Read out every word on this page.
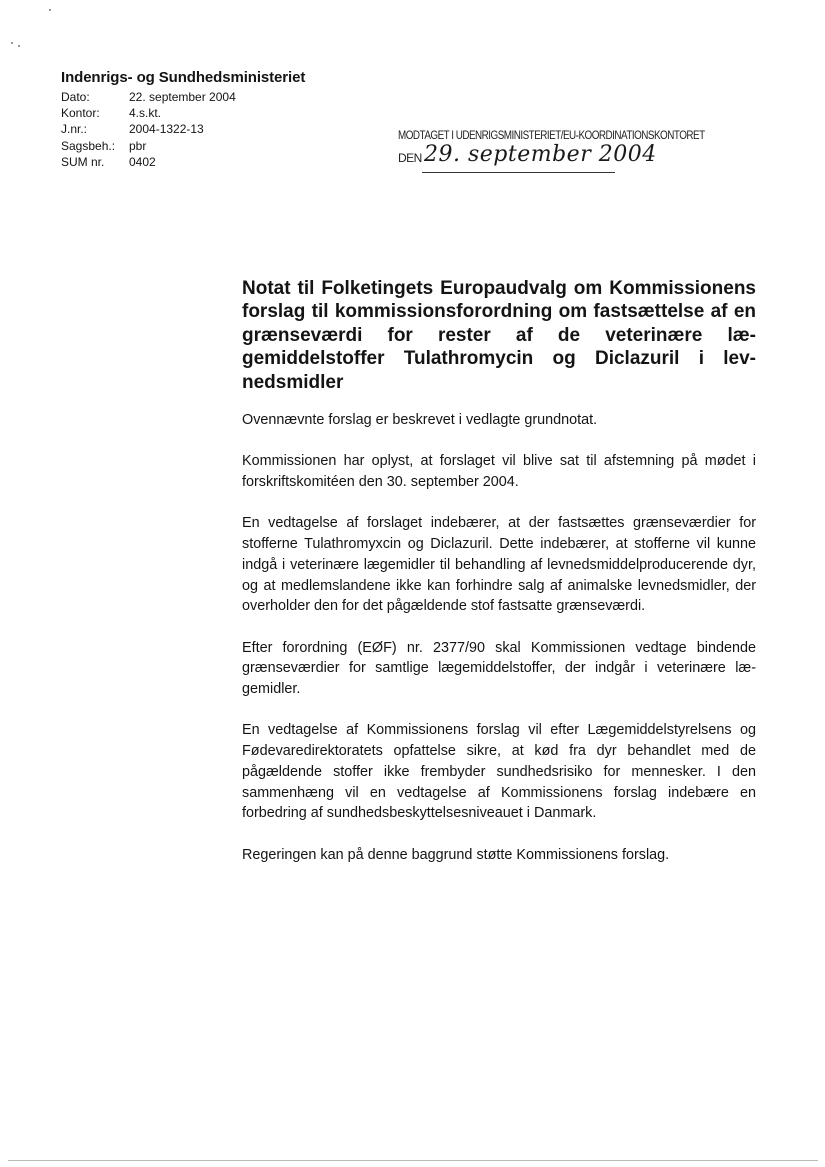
Indenrigs- og Sundhedsministeriet
Dato:	22. september 2004
Kontor:	4.s.kt.
J.nr.:	2004-1322-13
Sagsbeh.:	pbr
SUM nr.	0402
MODTAGET I UDENRIGSMINISTERIET/EU-KOORDINATIONSKONTORET
DEN 29. september 2004
Notat til Folketingets Europaudvalg om Kommissionens forslag til kommissionsforordning om fastsættelse af en grænseværdi for rester af de veterinære lægemiddelstoffer Tulathromycin og Diclazuril i levnedsmidler

Ovennævnte forslag er beskrevet i vedlagte grundnotat.

Kommissionen har oplyst, at forslaget vil blive sat til afstemning på mødet i forskriftskomitéen den 30. september 2004.

En vedtagelse af forslaget indebærer, at der fastsættes grænseværdier for stofferne Tulathromyxcin og Diclazuril. Dette indebærer, at stofferne vil kunne indgå i veterinære lægemidler til behandling af levnedsmiddelproducerende dyr, og at medlemslandene ikke kan forhindre salg af animalske levnedsmidler, der overholder den for det pågældende stof fastsatte grænseværdi.

Efter forordning (EØF) nr. 2377/90 skal Kommissionen vedtage bindende grænseværdier for samtlige lægemiddelstoffer, der indgår i veterinære lægemidler.

En vedtagelse af Kommissionens forslag vil efter Lægemiddelstyrelsens og Fødevaredirektoratets opfattelse sikre, at kød fra dyr behandlet med de pågældende stoffer ikke frembyder sundhedsrisiko for mennesker. I den sammenhæng vil en vedtagelse af Kommissionens forslag indebære en forbedring af sundhedsbeskyttelsesniveauet i Danmark.

Regeringen kan på denne baggrund støtte Kommissionens forslag.
